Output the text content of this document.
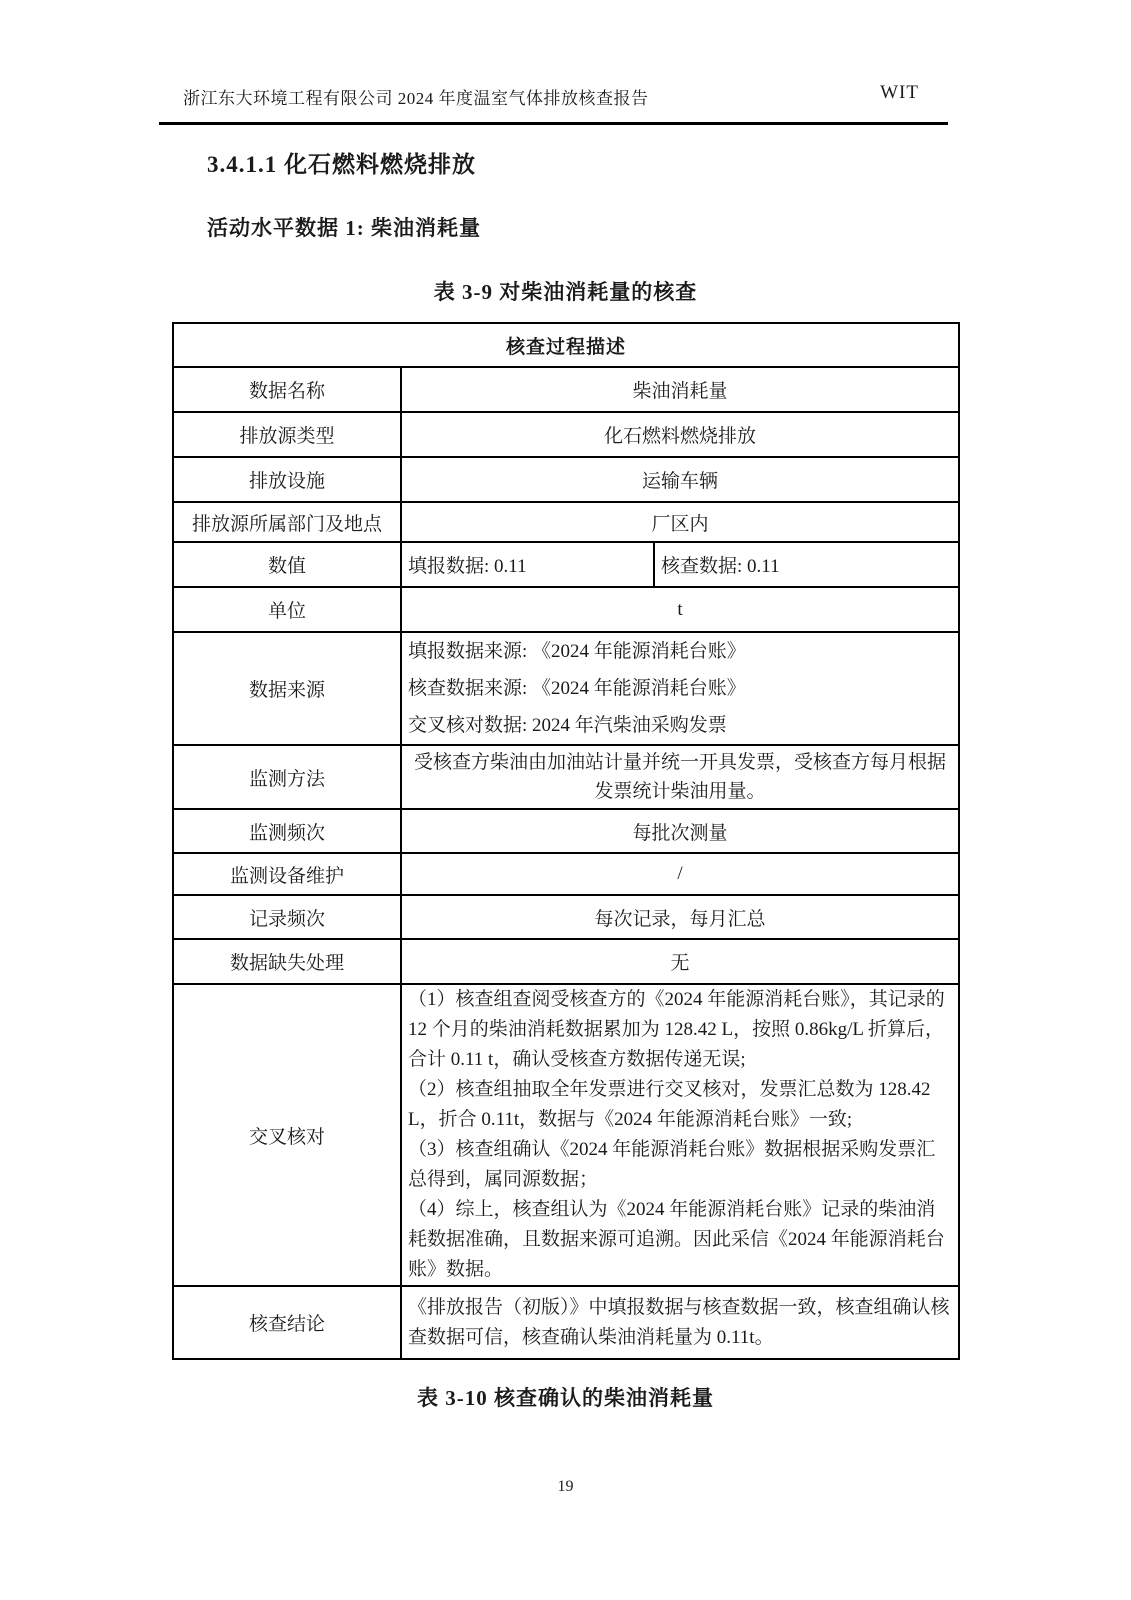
浙江东大环境工程有限公司 2024 年度温室气体排放核查报告	WIT
3.4.1.1 化石燃料燃烧排放
活动水平数据 1: 柴油消耗量
表 3-9 对柴油消耗量的核查
核查过程描述		
数据名称	柴油消耗量	
排放源类型	化石燃料燃烧排放	
排放设施	运输车辆	
排放源所属部门及地点	厂区内	
数值	填报数据: 0.11	核查数据: 0.11
单位	t	
数据来源	填报数据来源: 《2024 年能源消耗台账》
核查数据来源: 《2024 年能源消耗台账》
交叉核对数据: 2024 年汽柴油采购发票	

监测方法	受核查方柴油由加油站计量并统一开具发票，受核查方每月根据发票统计柴油用量。	
监测频次	每批次测量	
监测设备维护	/	
记录频次	每次记录，每月汇总	
数据缺失处理	无	
交叉核对	（1）核查组查阅受核查方的《2024 年能源消耗台账》，其记录的 12 个月的柴油消耗数据累加为 128.42 L，按照 0.86kg/L 折算后，合计 0.11 t，确认受核查方数据传递无误;
（2）核查组抽取全年发票进行交叉核对，发票汇总数为 128.42 L，折合 0.11t，数据与《2024 年能源消耗台账》一致;
（3）核查组确认《2024 年能源消耗台账》数据根据采购发票汇总得到，属同源数据；
（4）综上，核查组认为《2024 年能源消耗台账》记录的柴油消耗数据准确，且数据来源可追溯。因此采信《2024 年能源消耗台账》数据。	

核查结论	《排放报告（初版）》中填报数据与核查数据一致，核查组确认核查数据可信，核查确认柴油消耗量为 0.11t。	
表 3-10 核查确认的柴油消耗量
19
